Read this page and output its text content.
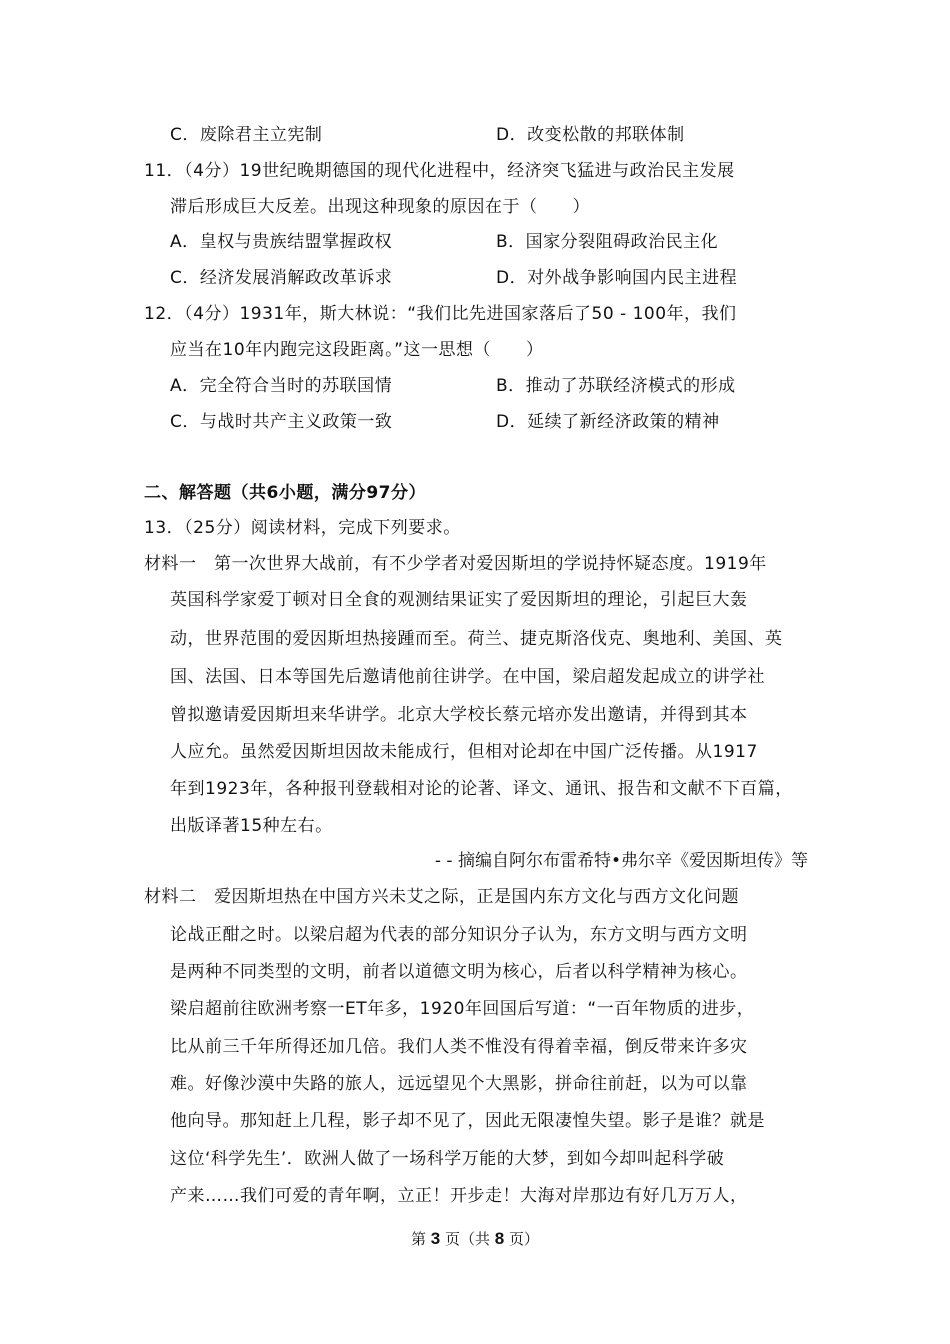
C．废除君主立宪制	D．改变松散的邦联体制
11．（4分）19世纪晚期德国的现代化进程中，经济突飞猛进与政治民主发展
滞后形成巨大反差。出现这种现象的原因在于（　　）
A．皇权与贵族结盟掌握政权	B．国家分裂阻碍政治民主化
C．经济发展消解政改革诉求	D．对外战争影响国内民主进程
12．（4分）1931年，斯大林说：“我们比先进国家落后了50 - 100年，我们
应当在10年内跑完这段距离。”这一思想（　　）
A．完全符合当时的苏联国情	B．推动了苏联经济模式的形成
C．与战时共产主义政策一致	D．延续了新经济政策的精神
二、解答题（共6小题，满分97分）
13．（25分）阅读材料，完成下列要求。
材料一　第一次世界大战前，有不少学者对爱因斯坦的学说持怀疑态度。1919年
英国科学家爱丁顿对日全食的观测结果证实了爱因斯坦的理论，引起巨大轰
动，世界范围的爱因斯坦热接踵而至。荷兰、捷克斯洛伐克、奥地利、美国、英
国、法国、日本等国先后邀请他前往讲学。在中国，梁启超发起成立的讲学社
曾拟邀请爱因斯坦来华讲学。北京大学校长蔡元培亦发出邀请，并得到其本
人应允。虽然爱因斯坦因故未能成行，但相对论却在中国广泛传播。从1917
年到1923年，各种报刊登载相对论的论著、译文、通讯、报告和文献不下百篇，
出版译著15种左右。
- - 摘编自阿尔布雷希特•弗尔辛《爱因斯坦传》等
材料二　爱因斯坦热在中国方兴未艾之际，正是国内东方文化与西方文化问题
论战正酣之时。以梁启超为代表的部分知识分子认为，东方文明与西方文明
是两种不同类型的文明，前者以道德文明为核心，后者以科学精神为核心。
梁启超前往欧洲考察一ET年多，1920年回国后写道：“一百年物质的进步，
比从前三千年所得还加几倍。我们人类不惟没有得着幸福，倒反带来许多灾
难。好像沙漠中失路的旅人，远远望见个大黑影，拼命往前赶，以为可以靠
他向导。那知赶上几程，影子却不见了，因此无限凄惶失望。影子是谁？就是
这位‘科学先生’．欧洲人做了一场科学万能的大梦，到如今却叫起科学破
产来……我们可爱的青年啊，立正！开步走！大海对岸那边有好几万万人，
第 3 页（共 8 页）
